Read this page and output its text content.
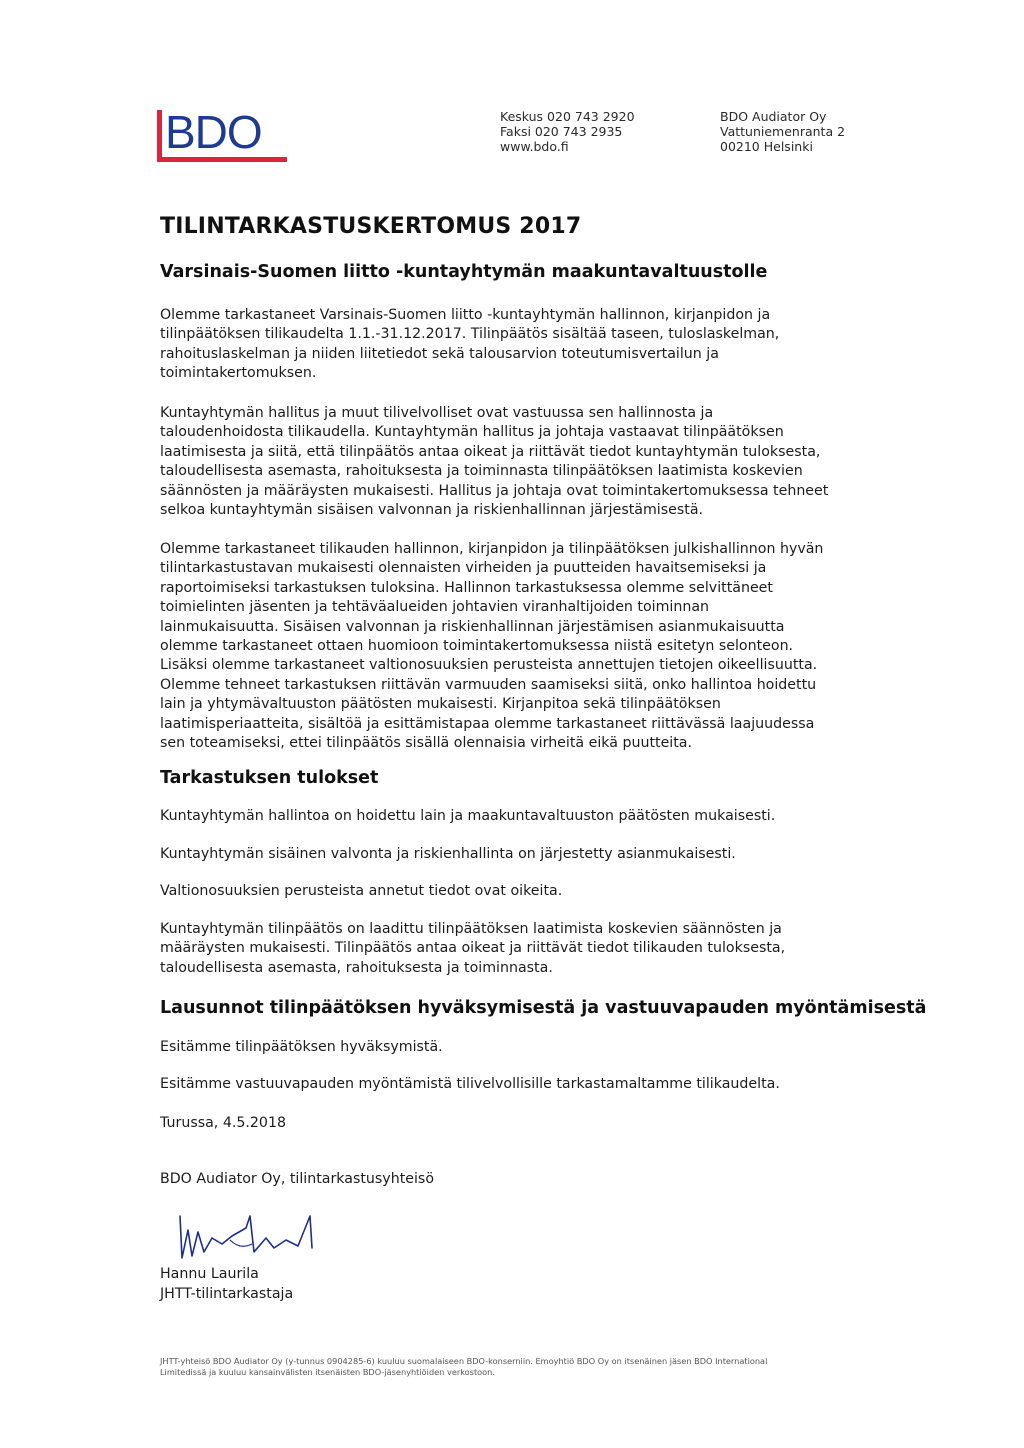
BDO	Keskus 020 743 2920
Faksi 020 743 2935
www.bdo.fi
BDO Audiator Oy
Vattuniemenranta 2
00210 Helsinki
TILINTARKASTUSKERTOMUS 2017
Varsinais-Suomen liitto -kuntayhtymän maakuntavaltuustolle
Olemme tarkastaneet Varsinais-Suomen liitto -kuntayhtymän hallinnon, kirjanpidon ja
tilinpäätöksen tilikaudelta 1.1.-31.12.2017. Tilinpäätös sisältää taseen, tuloslaskelman,
rahoituslaskelman ja niiden liitetiedot sekä talousarvion toteutumisvertailun ja
toimintakertomuksen.
Kuntayhtymän hallitus ja muut tilivelvolliset ovat vastuussa sen hallinnosta ja
taloudenhoidosta tilikaudella. Kuntayhtymän hallitus ja johtaja vastaavat tilinpäätöksen
laatimisesta ja siitä, että tilinpäätös antaa oikeat ja riittävät tiedot kuntayhtymän tuloksesta,
taloudellisesta asemasta, rahoituksesta ja toiminnasta tilinpäätöksen laatimista koskevien
säännösten ja määräysten mukaisesti. Hallitus ja johtaja ovat toimintakertomuksessa tehneet
selkoa kuntayhtymän sisäisen valvonnan ja riskienhallinnan järjestämisestä.
Olemme tarkastaneet tilikauden hallinnon, kirjanpidon ja tilinpäätöksen julkishallinnon hyvän
tilintarkastustavan mukaisesti olennaisten virheiden ja puutteiden havaitsemiseksi ja
raportoimiseksi tarkastuksen tuloksina. Hallinnon tarkastuksessa olemme selvittäneet
toimielinten jäsenten ja tehtäväalueiden johtavien viranhaltijoiden toiminnan
lainmukaisuutta. Sisäisen valvonnan ja riskienhallinnan järjestämisen asianmukaisuutta
olemme tarkastaneet ottaen huomioon toimintakertomuksessa niistä esitetyn selonteon.
Lisäksi olemme tarkastaneet valtionosuuksien perusteista annettujen tietojen oikeellisuutta.
Olemme tehneet tarkastuksen riittävän varmuuden saamiseksi siitä, onko hallintoa hoidettu
lain ja yhtymävaltuuston päätösten mukaisesti. Kirjanpitoa sekä tilinpäätöksen
laatimisperiaatteita, sisältöä ja esittämistapaa olemme tarkastaneet riittävässä laajuudessa
sen toteamiseksi, ettei tilinpäätös sisällä olennaisia virheitä eikä puutteita.
Tarkastuksen tulokset
Kuntayhtymän hallintoa on hoidettu lain ja maakuntavaltuuston päätösten mukaisesti.
Kuntayhtymän sisäinen valvonta ja riskienhallinta on järjestetty asianmukaisesti.
Valtionosuuksien perusteista annetut tiedot ovat oikeita.
Kuntayhtymän tilinpäätös on laadittu tilinpäätöksen laatimista koskevien säännösten ja
määräysten mukaisesti. Tilinpäätös antaa oikeat ja riittävät tiedot tilikauden tuloksesta,
taloudellisesta asemasta, rahoituksesta ja toiminnasta.
Lausunnot tilinpäätöksen hyväksymisestä ja vastuuvapauden myöntämisestä
Esitämme tilinpäätöksen hyväksymistä.
Esitämme vastuuvapauden myöntämistä tilivelvollisille tarkastamaltamme tilikaudelta.
Turussa, 4.5.2018
BDO Audiator Oy, tilintarkastusyhteisö
Hannu Laurila
JHTT-tilintarkastaja
JHTT-yhteisö BDO Audiator Oy (y-tunnus 0904285-6) kuuluu suomalaiseen BDO-konserniin. Emoyhtiö BDO Oy on itsenäinen jäsen BDO International
Limitedissä ja kuuluu kansainvälisten itsenäisten BDO-jäsenyhtiöiden verkostoon.
